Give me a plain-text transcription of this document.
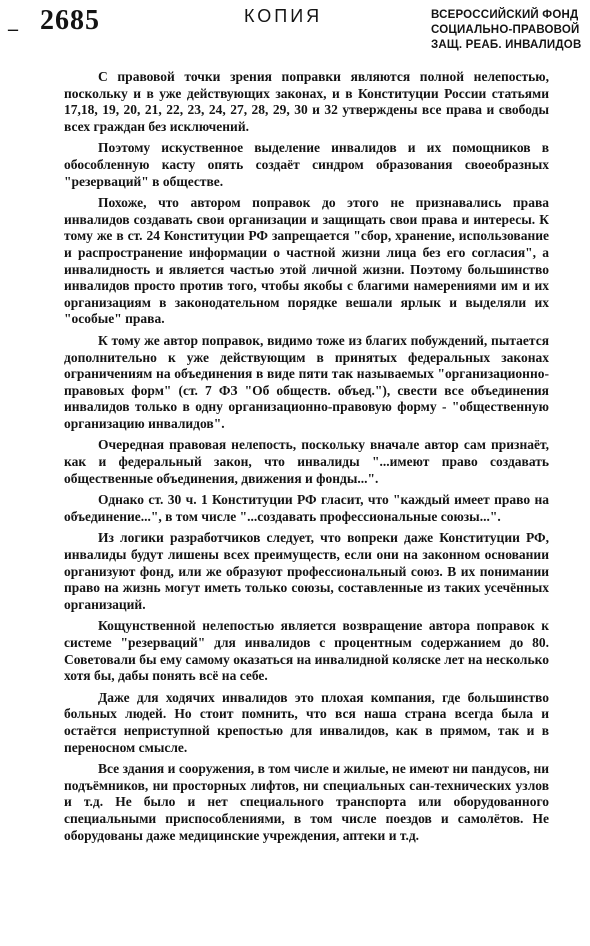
– 2685	КОПИЯ	ВСЕРОССИЙСКИЙ ФОНД
СОЦИАЛЬНО-ПРАВОВОЙ
ЗАЩ. РЕАБ. ИНВАЛИДОВ

С правовой точки зрения поправки являются полной нелепостью, поскольку и в уже действующих законах, и в Конституции России статьями 17,18, 19, 20, 21, 22, 23, 24, 27, 28, 29, 30 и 32 утверждены все права и свободы всех граждан без исключений.

Поэтому искуственное выделение инвалидов и их помощников в обособленную касту опять создаёт синдром образования своеобразных "резерваций" в обществе.

Похоже, что автором поправок до этого не признавались права инвалидов создавать свои организации и защищать свои права и интересы. К тому же в ст. 24 Конституции РФ запрещается "сбор, хранение, использование и распространение информации о частной жизни лица без его согласия", а инвалидность и является частью этой личной жизни. Поэтому большинство инвалидов просто против того, чтобы якобы с благими намерениями им и их организациям в законодательном порядке вешали ярлык и выделяли их "особые" права.

К тому же автор поправок, видимо тоже из благих побуждений, пытается дополнительно к уже действующим в принятых федеральных законах ограничениям на объединения в виде пяти так называемых "организационно-правовых форм" (ст. 7 ФЗ "Об обществ. объед."), свести все объединения инвалидов только в одну организационно-правовую форму - "общественную организацию инвалидов".

Очередная правовая нелепость, поскольку вначале автор сам признаёт, как и федеральный закон, что инвалиды "...имеют право создавать общественные объединения, движения и фонды...".

Однако ст. 30 ч. 1 Конституции РФ гласит, что "каждый имеет право на объединение...", в том числе "...создавать профессиональные союзы...".

Из логики разработчиков следует, что вопреки даже Конституции РФ, инвалиды будут лишены всех преимуществ, если они на законном основании организуют фонд, или же образуют профессиональный союз. В их понимании право на жизнь могут иметь только союзы, составленные из таких усечённых организаций.

Кощунственной нелепостью является возвращение автора поправок к системе "резерваций" для инвалидов с процентным содержанием до 80. Советовали бы ему самому оказаться на инвалидной коляске лет на несколько хотя бы, дабы понять всё на себе.

Даже для ходячих инвалидов это плохая компания, где большинство больных людей. Но стоит помнить, что вся наша страна всегда была и остаётся неприступной крепостью для инвалидов, как в прямом, так и в переносном смысле.

Все здания и сооружения, в том числе и жилые, не имеют ни пандусов, ни подъёмников, ни просторных лифтов, ни специальных сан-технических узлов и т.д. Не было и нет специального транспорта или оборудованного специальными приспособлениями, в том числе поездов и самолётов. Не оборудованы даже медицинские учреждения, аптеки и т.д.
